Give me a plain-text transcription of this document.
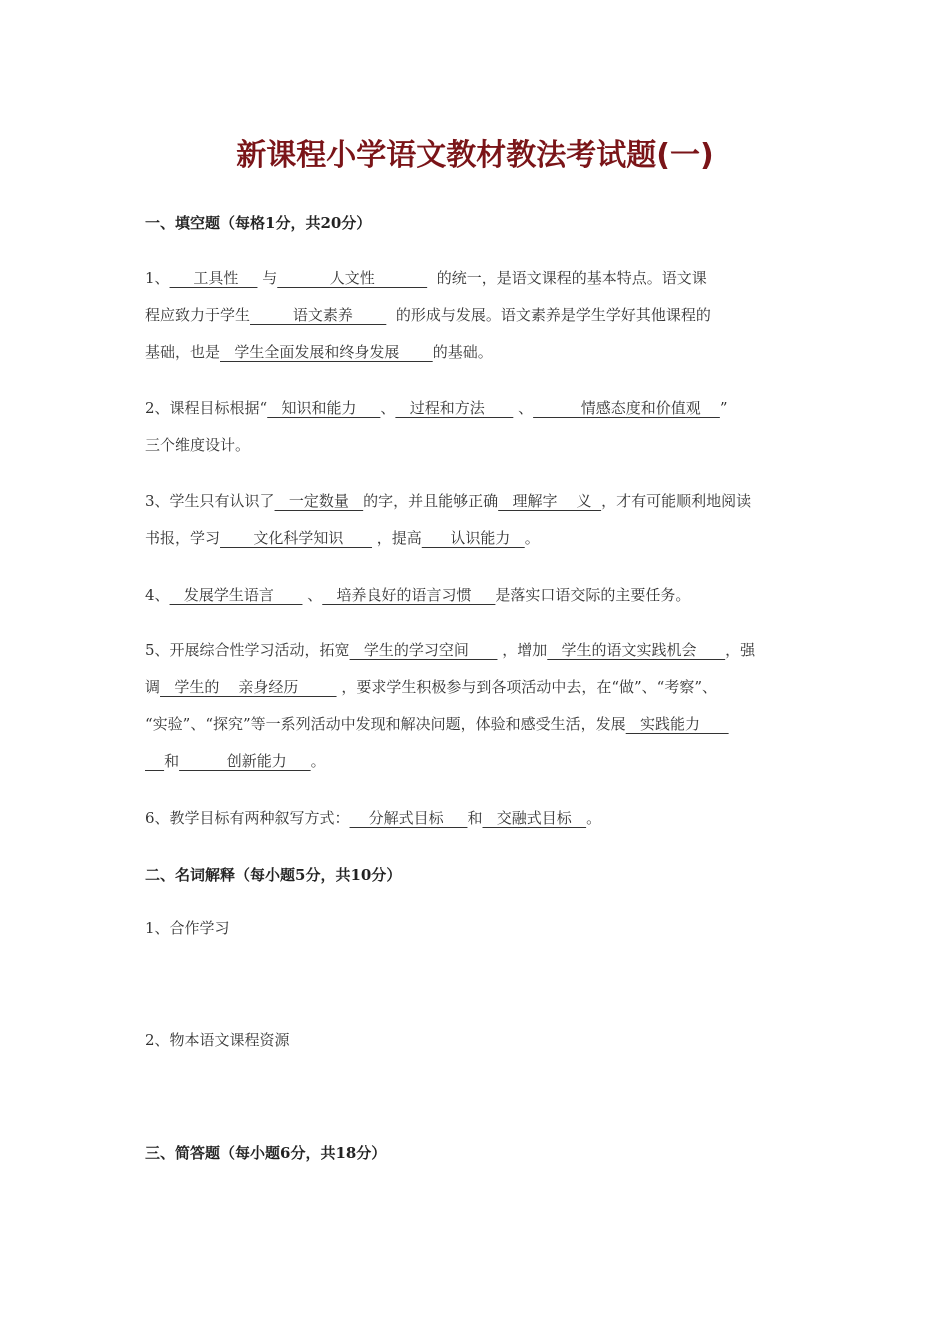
新课程小学语文教材教法考试题(一)
一、填空题（每格1分，共20分）
1、     工具性     与           人文性             的统一，是语文课程的基本特点。语文课
程应致力于学生         语文素养         的形成与发展。语文素养是学生学好其他课程的
基础，也是   学生全面发展和终身发展       的基础。
2、课程目标根据“   知识和能力     、   过程和方法       、          情感态度和价值观    ”
三个维度设计。
3、学生只有认识了   一定数量   的字，并且能够正确   理解字    义  ，才有可能顺利地阅读
书报，学习       文化科学知识       ，提高      认识能力   。
4、   发展学生语言       、   培养良好的语言习惯     是落实口语交际的主要任务。
5、开展综合性学习活动，拓宽   学生的学习空间       ，增加   学生的语文实践机会      ，强
调   学生的    亲身经历         ，要求学生积极参与到各项活动中去，在“做”、“考察”、
“实验”、“探究”等一系列活动中发现和解决问题，体验和感受生活，发展   实践能力
和          创新能力     。
6、教学目标有两种叙写方式：    分解式目标     和   交融式目标   。
二、名词解释（每小题5分，共10分）
1、合作学习
2、物本语文课程资源
三、简答题（每小题6分，共18分）
